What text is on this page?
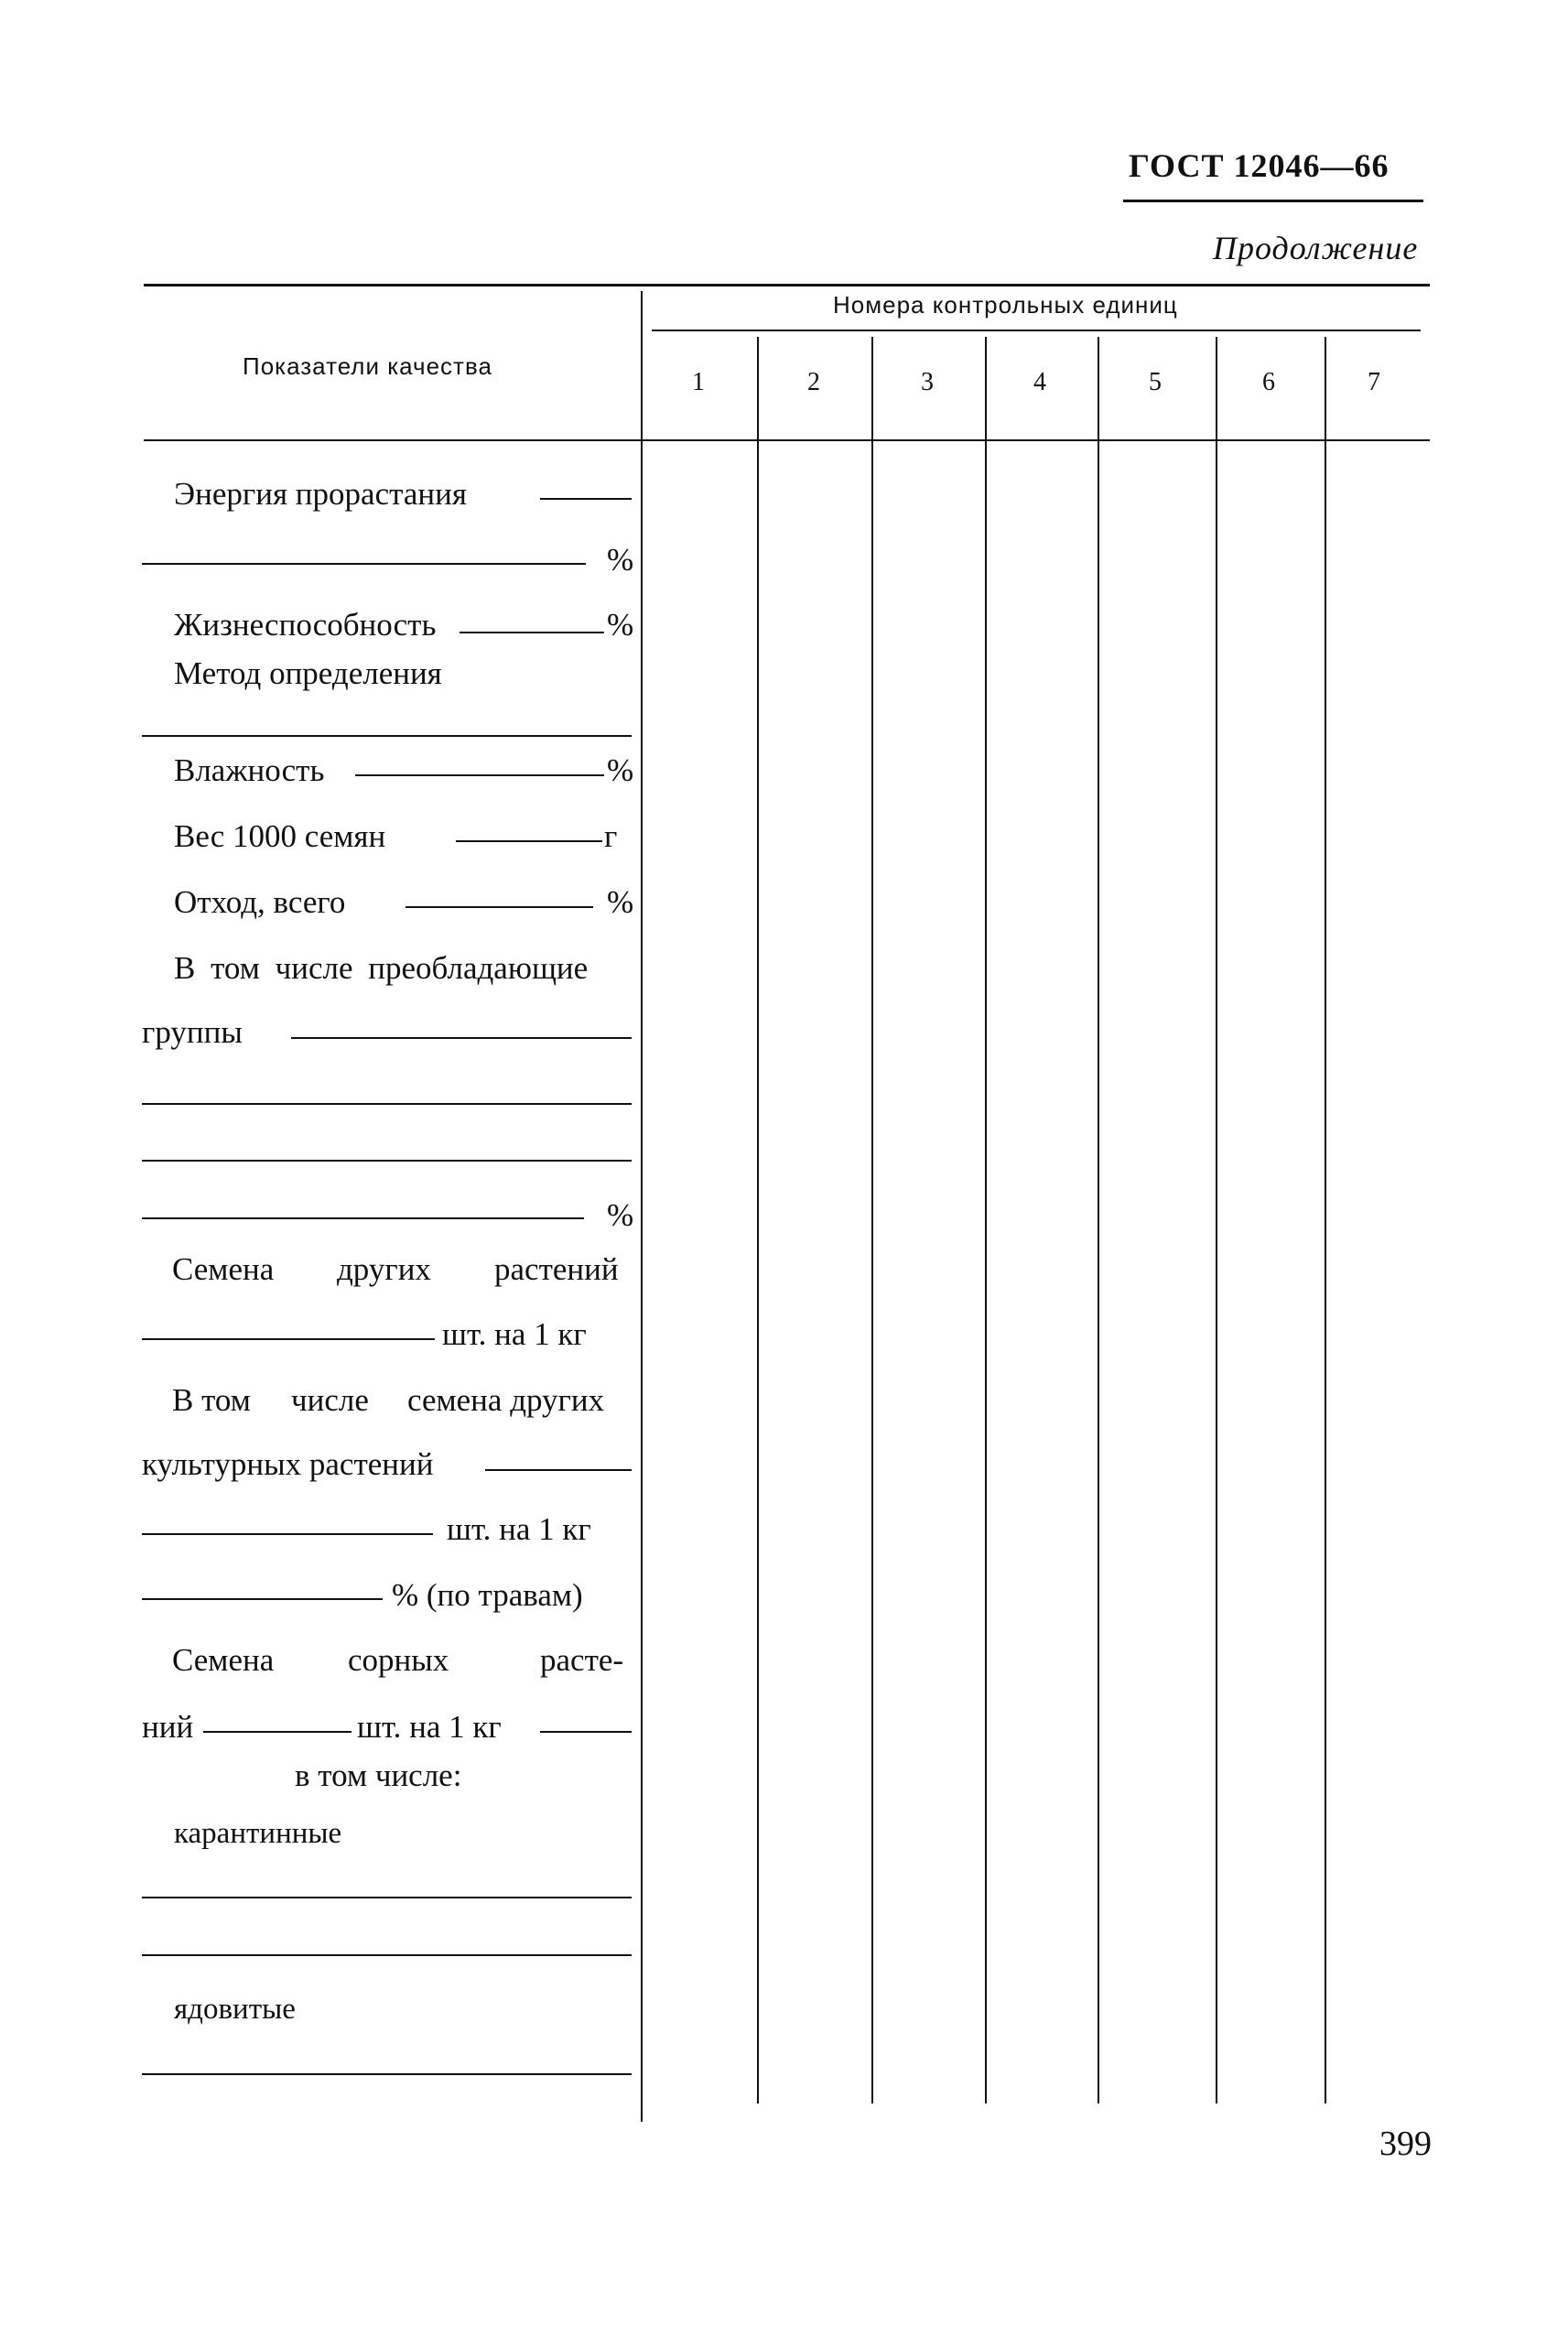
ГОСТ 12046—66
Продолжение
Показатели качества
Номера контрольных единиц
1	2	3	4	5	6	7
Энергия прорастания
%
Жизнеспособность	%
Метод определения
Влажность	%
Вес 1000 семян	г
Отход, всего	%
В том числе преобладающие
группы
%
Семена других растений
шт. на 1 кг
В том числе семена других
культурных растений
шт. на 1 кг
% (по травам)
Семена сорных	расте-
ний	шт. на 1 кг
в том числе:
карантинные
ядовитые
399
